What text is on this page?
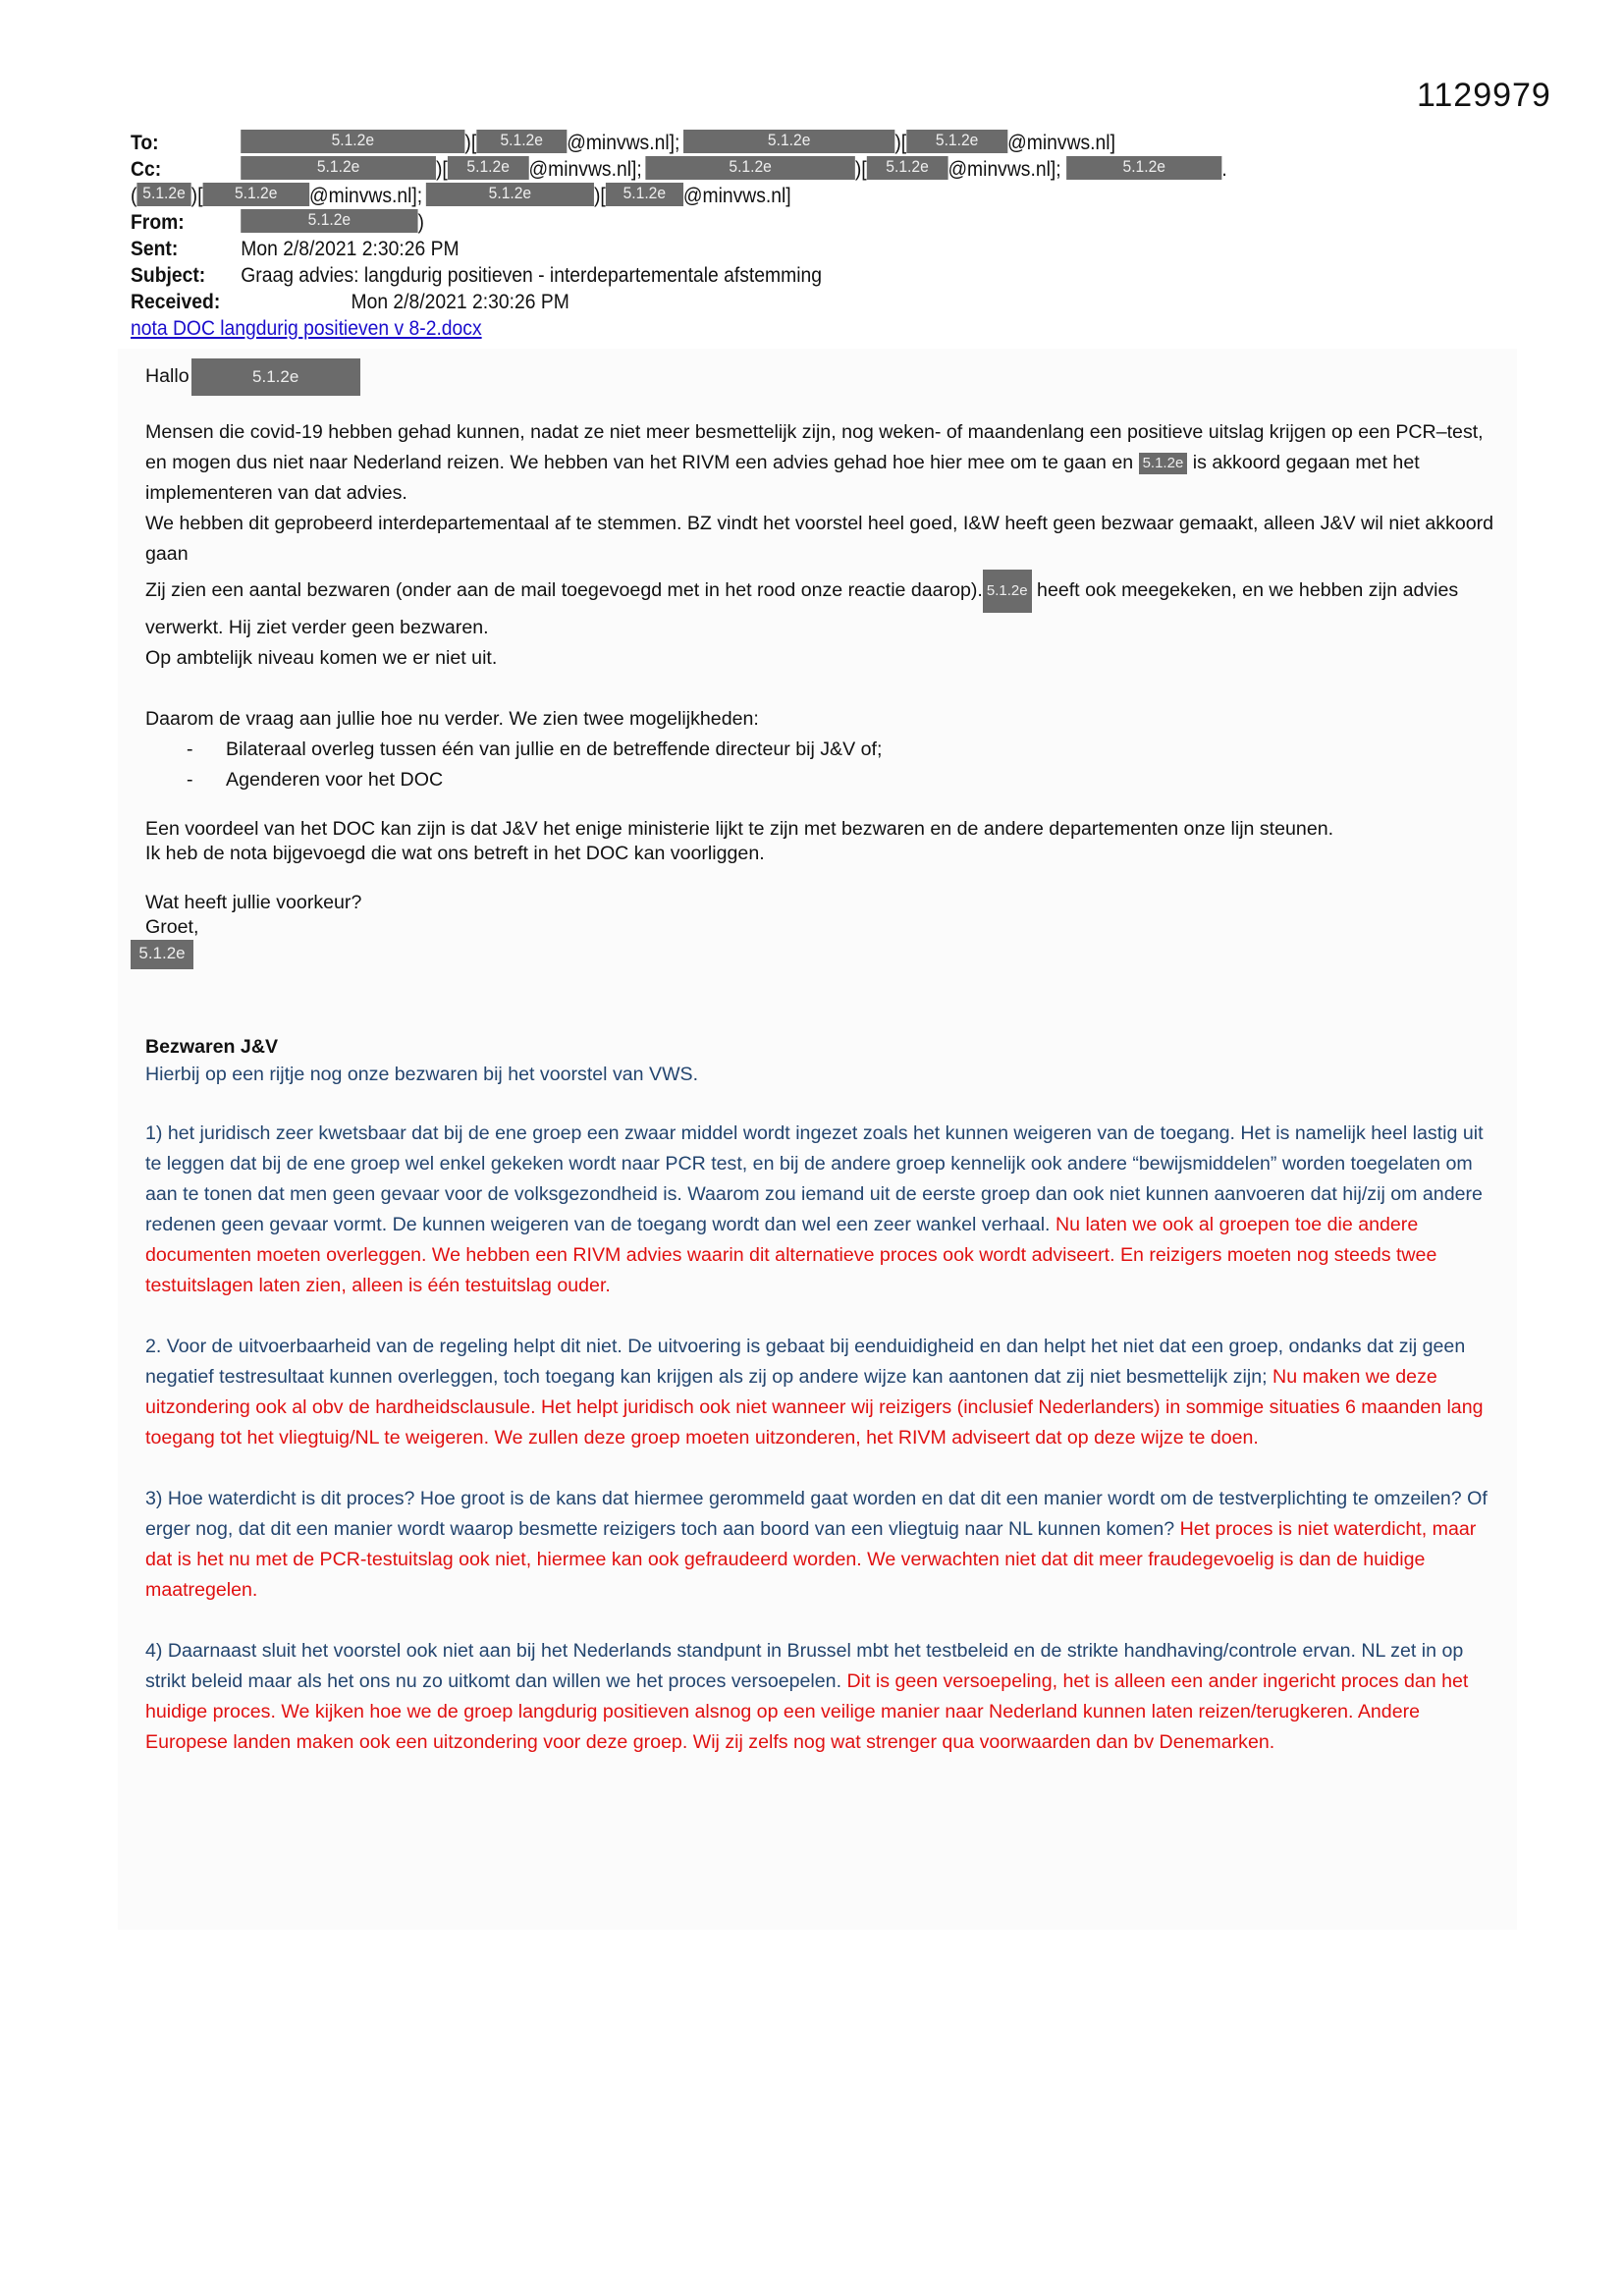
1129979
To:	5.1.2e	)[ 5.1.2e @minvws.nl];	5.1.2e	)[ 5.1.2e @minvws.nl]
Cc:	5.1.2e	)[ 5.1.2e @minvws.nl];	5.1.2e	)[ 5.1.2e @minvws.nl];	5.1.2e	.
( 5.1.2e )[ 5.1.2e @minvws.nl];	5.1.2e	)[ 5.1.2e @minvws.nl]
From:	5.1.2e	)
Sent:	Mon 2/8/2021 2:30:26 PM
Subject: Graag advies: langdurig positieven - interdepartementale afstemming
Received:	Mon 2/8/2021 2:30:26 PM
nota DOC langdurig positieven v 8-2.docx

Hallo	5.1.2e

Mensen die covid-19 hebben gehad kunnen, nadat ze niet meer besmettelijk zijn, nog weken- of maandenlang een positieve uitslag krijgen op een PCR–test, en mogen dus niet naar Nederland reizen. We hebben van het RIVM een advies gehad hoe hier mee om te gaan en 5.1.2e is akkoord gegaan met het implementeren van dat advies.

We hebben dit geprobeerd interdepartementaal af te stemmen. BZ vindt het voorstel heel goed, I&W heeft geen bezwaar gemaakt, alleen J&V wil niet akkoord gaan

Zij zien een aantal bezwaren (onder aan de mail toegevoegd met in het rood onze reactie daarop). 5.1.2e heeft ook meegekeken, en we hebben zijn advies verwerkt. Hij ziet verder geen bezwaren.

Op ambtelijk niveau komen we er niet uit.

Daarom de vraag aan jullie hoe nu verder. We zien twee mogelijkheden:

- Bilateraal overleg tussen één van jullie en de betreffende directeur bij J&V of;

- Agenderen voor het DOC

Een voordeel van het DOC kan zijn is dat J&V het enige ministerie lijkt te zijn met bezwaren en de andere departementen onze lijn steunen.

Ik heb de nota bijgevoegd die wat ons betreft in het DOC kan voorliggen.

Wat heeft jullie voorkeur?

Groet,

5.1.2e

Bezwaren J&V

Hierbij op een rijtje nog onze bezwaren bij het voorstel van VWS.

1) het juridisch zeer kwetsbaar dat bij de ene groep een zwaar middel wordt ingezet zoals het kunnen weigeren van de toegang. Het is namelijk heel lastig uit te leggen dat bij de ene groep wel enkel gekeken wordt naar PCR test, en bij de andere groep kennelijk ook andere “bewijsmiddelen” worden toegelaten om aan te tonen dat men geen gevaar voor de volksgezondheid is. Waarom zou iemand uit de eerste groep dan ook niet kunnen aanvoeren dat hij/zij om andere redenen geen gevaar vormt. De kunnen weigeren van de toegang wordt dan wel een zeer wankel verhaal. Nu laten we ook al groepen toe die andere documenten moeten overleggen. We hebben een RIVM advies waarin dit alternatieve proces ook wordt adviseert. En reizigers moeten nog steeds twee testuitslagen laten zien, alleen is één testuitslag ouder.

2. Voor de uitvoerbaarheid van de regeling helpt dit niet. De uitvoering is gebaat bij eenduidigheid en dan helpt het niet dat een groep, ondanks dat zij geen negatief testresultaat kunnen overleggen, toch toegang kan krijgen als zij op andere wijze kan aantonen dat zij niet besmettelijk zijn; Nu maken we deze uitzondering ook al obv de hardheidsclausule. Het helpt juridisch ook niet wanneer wij reizigers (inclusief Nederlanders) in sommige situaties 6 maanden lang toegang tot het vliegtuig/NL te weigeren. We zullen deze groep moeten uitzonderen, het RIVM adviseert dat op deze wijze te doen.

3) Hoe waterdicht is dit proces? Hoe groot is de kans dat hiermee gerommeld gaat worden en dat dit een manier wordt om de testverplichting te omzeilen? Of erger nog, dat dit een manier wordt waarop besmette reizigers toch aan boord van een vliegtuig naar NL kunnen komen? Het proces is niet waterdicht, maar dat is het nu met de PCR-testuitslag ook niet, hiermee kan ook gefraudeerd worden. We verwachten niet dat dit meer fraudegevoelig is dan de huidige maatregelen.

4) Daarnaast sluit het voorstel ook niet aan bij het Nederlands standpunt in Brussel mbt het testbeleid en de strikte handhaving/controle ervan. NL zet in op strikt beleid maar als het ons nu zo uitkomt dan willen we het proces versoepelen. Dit is geen versoepeling, het is alleen een ander ingericht proces dan het huidige proces. We kijken hoe we de groep langdurig positieven alsnog op een veilige manier naar Nederland kunnen laten reizen/terugkeren. Andere Europese landen maken ook een uitzondering voor deze groep. Wij zij zelfs nog wat strenger qua voorwaarden dan bv Denemarken.
